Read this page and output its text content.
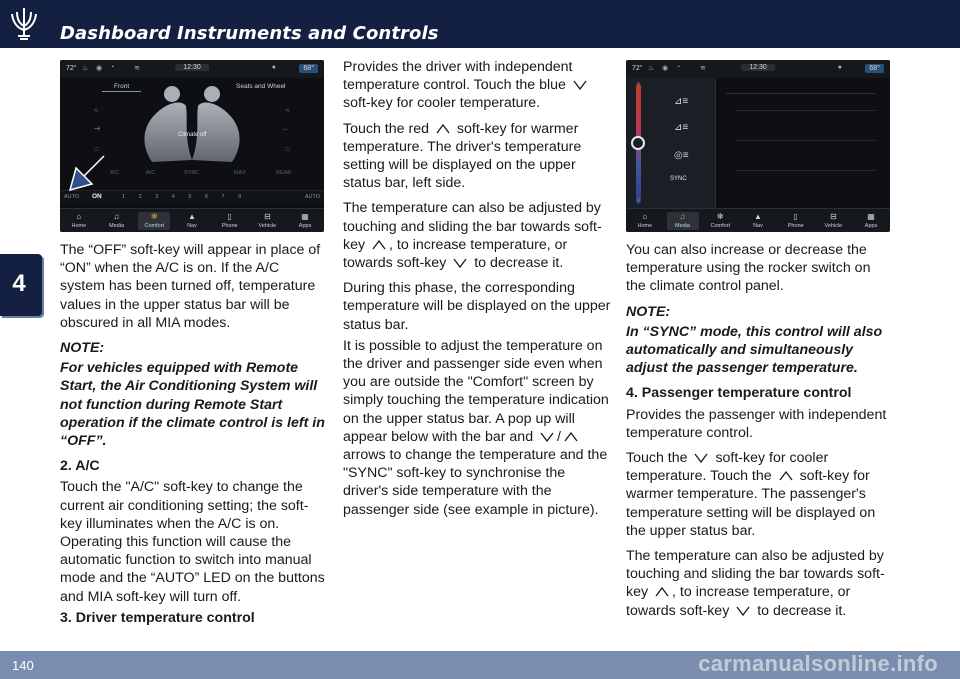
Dashboard Instruments and Controls
4
72° ♨ ◉ ◔	≋	12:30	●	68°
Front	Seats and Wheel
≈
➔
⌂
≈
←
⌂
Climate off
A/C	A/C	SYNC	MAX	REAR
AUTO ON	1 2 3 4 5 6 7 8	AUTO
⌂
Home
♫
Media
✻
Comfort
▲
Nav
▯
Phone
⊟
Vehicle
▦
Apps
72° ♨ ◉ ◔	≋	12:30	●	68°
∨
⊿≡
⊿≡
◎≡
SYNC
⌂
Home
♫
Media
✻
Comfort
▲
Nav
▯
Phone
⊟
Vehicle
▦
Apps

The “OFF” soft-key will appear in place of “ON” when the A/C is on. If the A/C system has been turned off, temperature values in the upper status bar will be obscured in all MIA modes.

NOTE:

For vehicles equipped with Remote Start, the Air Conditioning System will not function during Remote Start operation if the climate control is left in “OFF”.

2. A/C

Touch the "A/C" soft-key to change the current air conditioning setting; the soft-key illuminates when the A/C is on. Operating this function will cause the automatic function to switch into manual mode and the “AUTO” LED on the buttons and MIA soft-key will turn off.

3. Driver temperature control

Provides the driver with independent temperature control. Touch the blue
soft-key for cooler temperature.

Touch the red soft-key for warmer temperature. The driver's temperature setting will be displayed on the upper status bar, left side.

The temperature can also be adjusted by touching and sliding the bar towards soft-key , to increase temperature, or towards soft-key to decrease it.

During this phase, the corresponding temperature will be displayed on the upper status bar.

It is possible to adjust the temperature on the driver and passenger side even when you are outside the "Comfort" screen by simply touching the temperature indication on the upper status bar. A pop up will appear below with the bar and /
arrows to change the temperature and the "SYNC" soft-key to synchronise the driver's side temperature with the passenger side (see example in picture).

You can also increase or decrease the temperature using the rocker switch on the climate control panel.

NOTE:

In “SYNC” mode, this control will also automatically and simultaneously adjust the passenger temperature.

4. Passenger temperature control

Provides the passenger with independent temperature control.

Touch the soft-key for cooler temperature. Touch the soft-key for warmer temperature. The passenger's temperature setting will be displayed on the upper status bar.

The temperature can also be adjusted by touching and sliding the bar towards soft-key , to increase temperature, or towards soft-key to decrease it.

140	carmanualsonline.info
